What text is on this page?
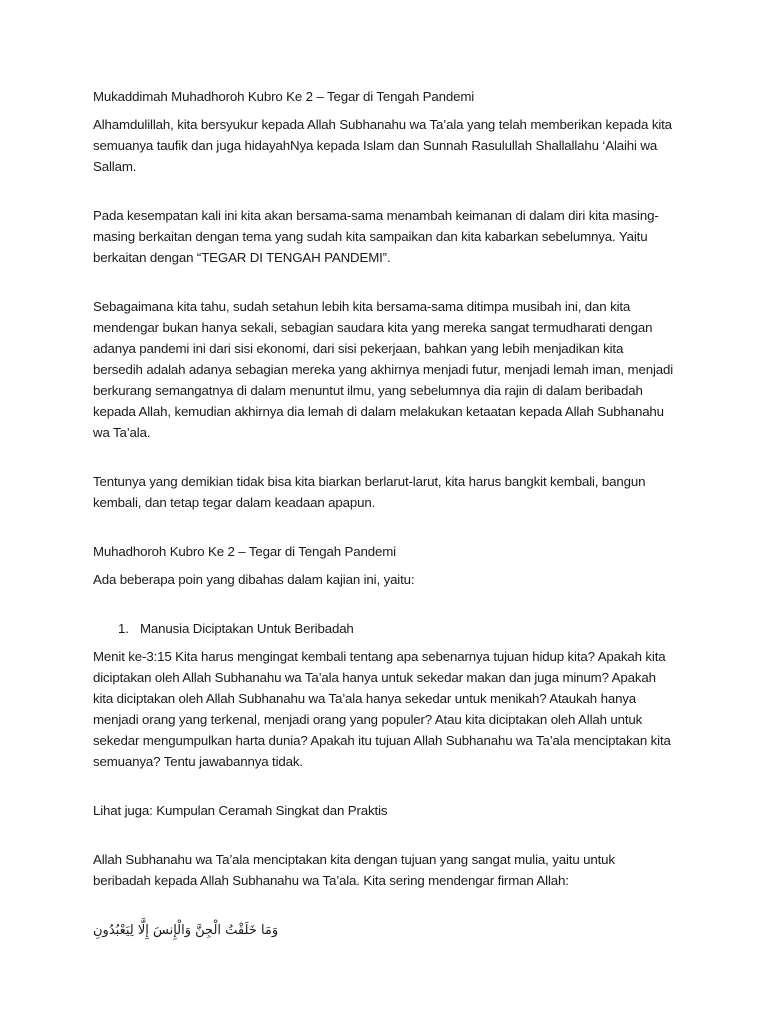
Mukaddimah Muhadhoroh Kubro Ke 2 – Tegar di Tengah Pandemi
Alhamdulillah, kita bersyukur kepada Allah Subhanahu wa Ta’ala yang telah memberikan kepada kita
semuanya taufik dan juga hidayahNya kepada Islam dan Sunnah Rasulullah Shallallahu ‘Alaihi wa
Sallam.
Pada kesempatan kali ini kita akan bersama-sama menambah keimanan di dalam diri kita masing-
masing berkaitan dengan tema yang sudah kita sampaikan dan kita kabarkan sebelumnya. Yaitu
berkaitan dengan “TEGAR DI TENGAH PANDEMI”.
Sebagaimana kita tahu, sudah setahun lebih kita bersama-sama ditimpa musibah ini, dan kita
mendengar bukan hanya sekali, sebagian saudara kita yang mereka sangat termudharati dengan
adanya pandemi ini dari sisi ekonomi, dari sisi pekerjaan, bahkan yang lebih menjadikan kita
bersedih adalah adanya sebagian mereka yang akhirnya menjadi futur, menjadi lemah iman, menjadi
berkurang semangatnya di dalam menuntut ilmu, yang sebelumnya dia rajin di dalam beribadah
kepada Allah, kemudian akhirnya dia lemah di dalam melakukan ketaatan kepada Allah Subhanahu
wa Ta’ala.
Tentunya yang demikian tidak bisa kita biarkan berlarut-larut, kita harus bangkit kembali, bangun
kembali, dan tetap tegar dalam keadaan apapun.
Muhadhoroh Kubro Ke 2 – Tegar di Tengah Pandemi
Ada beberapa poin yang dibahas dalam kajian ini, yaitu:
1. Manusia Diciptakan Untuk Beribadah
Menit ke-3:15 Kita harus mengingat kembali tentang apa sebenarnya tujuan hidup kita? Apakah kita
diciptakan oleh Allah Subhanahu wa Ta’ala hanya untuk sekedar makan dan juga minum? Apakah
kita diciptakan oleh Allah Subhanahu wa Ta’ala hanya sekedar untuk menikah? Ataukah hanya
menjadi orang yang terkenal, menjadi orang yang populer? Atau kita diciptakan oleh Allah untuk
sekedar mengumpulkan harta dunia? Apakah itu tujuan Allah Subhanahu wa Ta’ala menciptakan kita
semuanya? Tentu jawabannya tidak.
Lihat juga: Kumpulan Ceramah Singkat dan Praktis
Allah Subhanahu wa Ta’ala menciptakan kita dengan tujuan yang sangat mulia, yaitu untuk
beribadah kepada Allah Subhanahu wa Ta’ala. Kita sering mendengar firman Allah:
وَمَا خَلَقْتُ الْجِنَّ وَالْإِنسَ إِلَّا لِيَعْبُدُونِ
